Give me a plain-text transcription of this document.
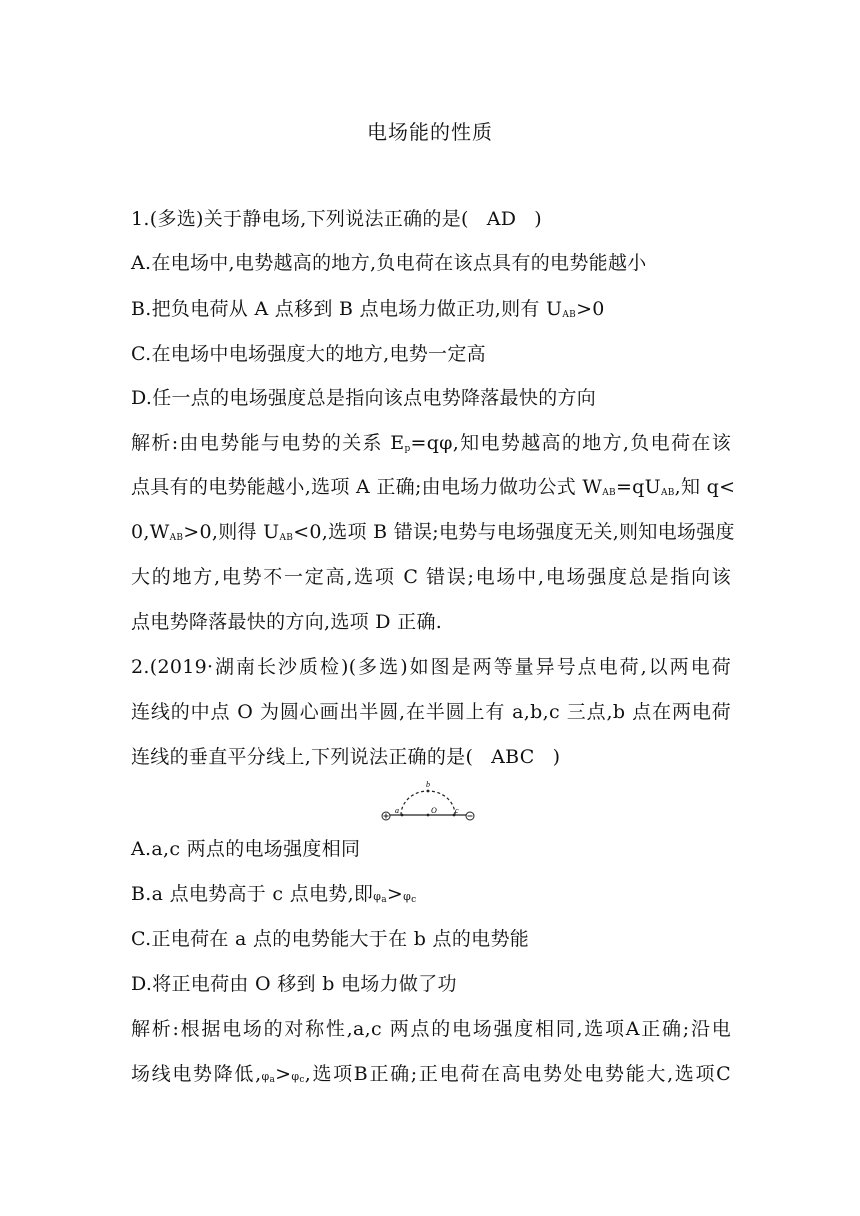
电场能的性质
1.(多选)关于静电场,下列说法正确的是( AD )
A.在电场中,电势越高的地方,负电荷在该点具有的电势能越小
B.把负电荷从 A 点移到 B 点电场力做正功,则有 $U_{AB}>0$
C.在电场中电场强度大的地方,电势一定高
D.任一点的电场强度总是指向该点电势降落最快的方向
解析:由电势能与电势的关系 $E_p=q\varphi$,知电势越高的地方,负电荷在该
点具有的电势能越小,选项 A 正确;由电场力做功公式 $W_{AB}=qU_{AB}$,知 q<
$0,W_{AB}>0$,则得 $U_{AB}<0$,选项 B 错误;电势与电场强度无关,则知电场强度
大的地方,电势不一定高,选项 C 错误;电场中,电场强度总是指向该
点电势降落最快的方向,选项 D 正确.
2.(2019·湖南长沙质检)(多选)如图是两等量异号点电荷,以两电荷
连线的中点 O 为圆心画出半圆,在半圆上有 a,b,c 三点,b 点在两电荷
连线的垂直平分线上,下列说法正确的是( ABC )
a
b
c
O
A.a,c 两点的电场强度相同
B.a 点电势高于 c 点电势,即$\varphi_a>\varphi_c$
C.正电荷在 a 点的电势能大于在 b 点的电势能
D.将正电荷由 O 移到 b 电场力做了功
解析:根据电场的对称性,a,c 两点的电场强度相同,选项A正确;沿电
场线电势降低$,\varphi_a>\varphi_c$,选项B正确;正电荷在高电势处电势能大,选项C
